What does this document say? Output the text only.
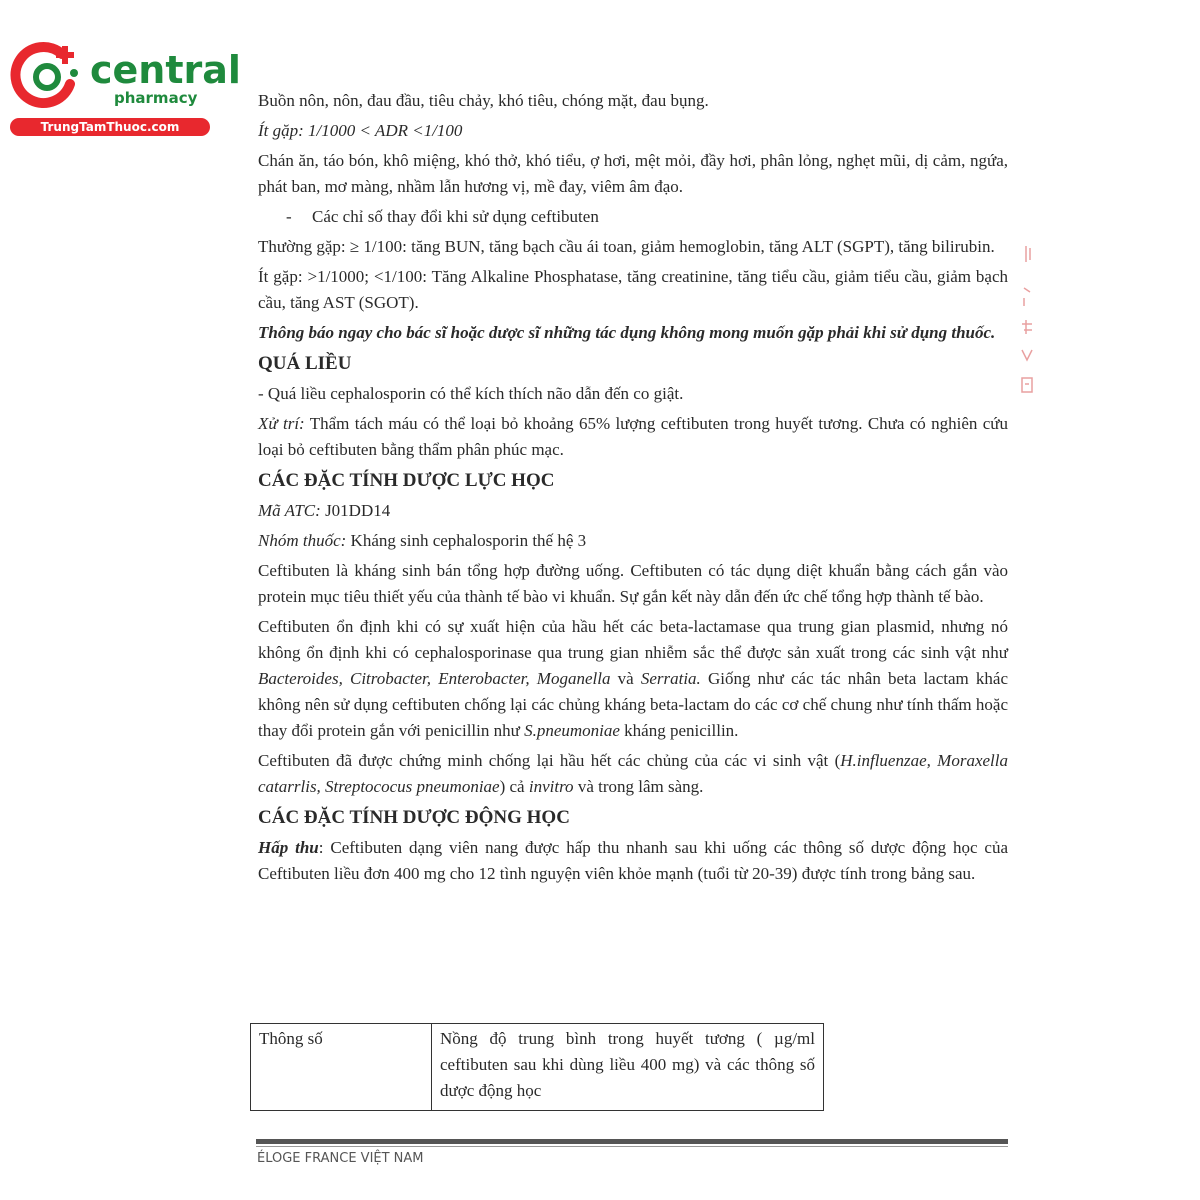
central
pharmacy
TrungTamThuoc.com

Buồn nôn, nôn, đau đầu, tiêu chảy, khó tiêu, chóng mặt, đau bụng.

Ít gặp: 1/1000 < ADR <1/100

Chán ăn, táo bón, khô miệng, khó thở, khó tiểu, ợ hơi, mệt mỏi, đầy hơi, phân lỏng, nghẹt mũi, dị cảm, ngứa, phát ban, mơ màng, nhầm lẫn hương vị, mề đay, viêm âm đạo.

- Các chỉ số thay đổi khi sử dụng ceftibuten

Thường gặp: ≥ 1/100: tăng BUN, tăng bạch cầu ái toan, giảm hemoglobin, tăng ALT (SGPT), tăng bilirubin.

Ít gặp: >1/1000; <1/100: Tăng Alkaline Phosphatase, tăng creatinine, tăng tiểu cầu, giảm tiểu cầu, giảm bạch cầu, tăng AST (SGOT).

Thông báo ngay cho bác sĩ hoặc dược sĩ những tác dụng không mong muốn gặp phải khi sử dụng thuốc.

QUÁ LIỀU

- Quá liều cephalosporin có thể kích thích não dẫn đến co giật.

Xử trí: Thẩm tách máu có thể loại bỏ khoảng 65% lượng ceftibuten trong huyết tương. Chưa có nghiên cứu loại bỏ ceftibuten bằng thẩm phân phúc mạc.

CÁC ĐẶC TÍNH DƯỢC LỰC HỌC

Mã ATC: J01DD14

Nhóm thuốc: Kháng sinh cephalosporin thế hệ 3

Ceftibuten là kháng sinh bán tổng hợp đường uống. Ceftibuten có tác dụng diệt khuẩn bằng cách gắn vào protein mục tiêu thiết yếu của thành tế bào vi khuẩn. Sự gắn kết này dẫn đến ức chế tổng hợp thành tế bào.

Ceftibuten ổn định khi có sự xuất hiện của hầu hết các beta-lactamase qua trung gian plasmid, nhưng nó không ổn định khi có cephalosporinase qua trung gian nhiễm sắc thể được sản xuất trong các sinh vật như Bacteroides, Citrobacter, Enterobacter, Moganella và Serratia. Giống như các tác nhân beta lactam khác không nên sử dụng ceftibuten chống lại các chủng kháng beta-lactam do các cơ chế chung như tính thấm hoặc thay đổi protein gắn với penicillin như S.pneumoniae kháng penicillin.

Ceftibuten đã được chứng minh chống lại hầu hết các chủng của các vi sinh vật (H.influenzae, Moraxella catarrlis, Streptococus pneumoniae) cả invitro và trong lâm sàng.

CÁC ĐẶC TÍNH DƯỢC ĐỘNG HỌC

Hấp thu: Ceftibuten dạng viên nang được hấp thu nhanh sau khi uống các thông số dược động học của Ceftibuten liều đơn 400 mg cho 12 tình nguyện viên khỏe mạnh (tuổi từ 20-39) được tính trong bảng sau.

Thông số	Nồng độ trung bình trong huyết tương ( µg/ml ceftibuten sau khi dùng liều 400 mg) và các thông số dược động học
ÉLOGE FRANCE VIỆT NAM
